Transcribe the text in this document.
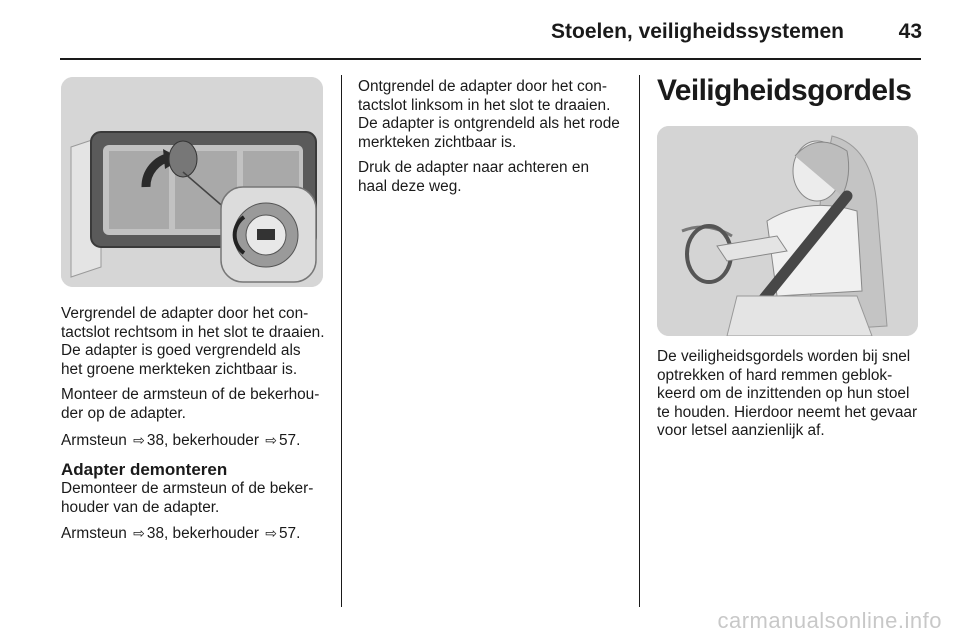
Stoelen, veiligheidssystemen	43

Vergrendel de adapter door het contactslot rechtsom in het slot te draaien. De adapter is goed vergrendeld als het groene merkteken zichtbaar is.

Monteer de armsteun of de bekerhouder op de adapter.

Armsteun ⇨ 38, bekerhouder ⇨ 57.

Adapter demonteren

Demonteer de armsteun of de bekerhouder van de adapter.

Armsteun ⇨ 38, bekerhouder ⇨ 57.

Ontgrendel de adapter door het contactslot linksom in het slot te draaien. De adapter is ontgrendeld als het rode merkteken zichtbaar is.

Druk de adapter naar achteren en haal deze weg.

Veiligheidsgordels

De veiligheidsgordels worden bij snel optrekken of hard remmen geblokkeerd om de inzittenden op hun stoel te houden. Hierdoor neemt het gevaar voor letsel aanzienlijk af.

carmanualsonline.info
